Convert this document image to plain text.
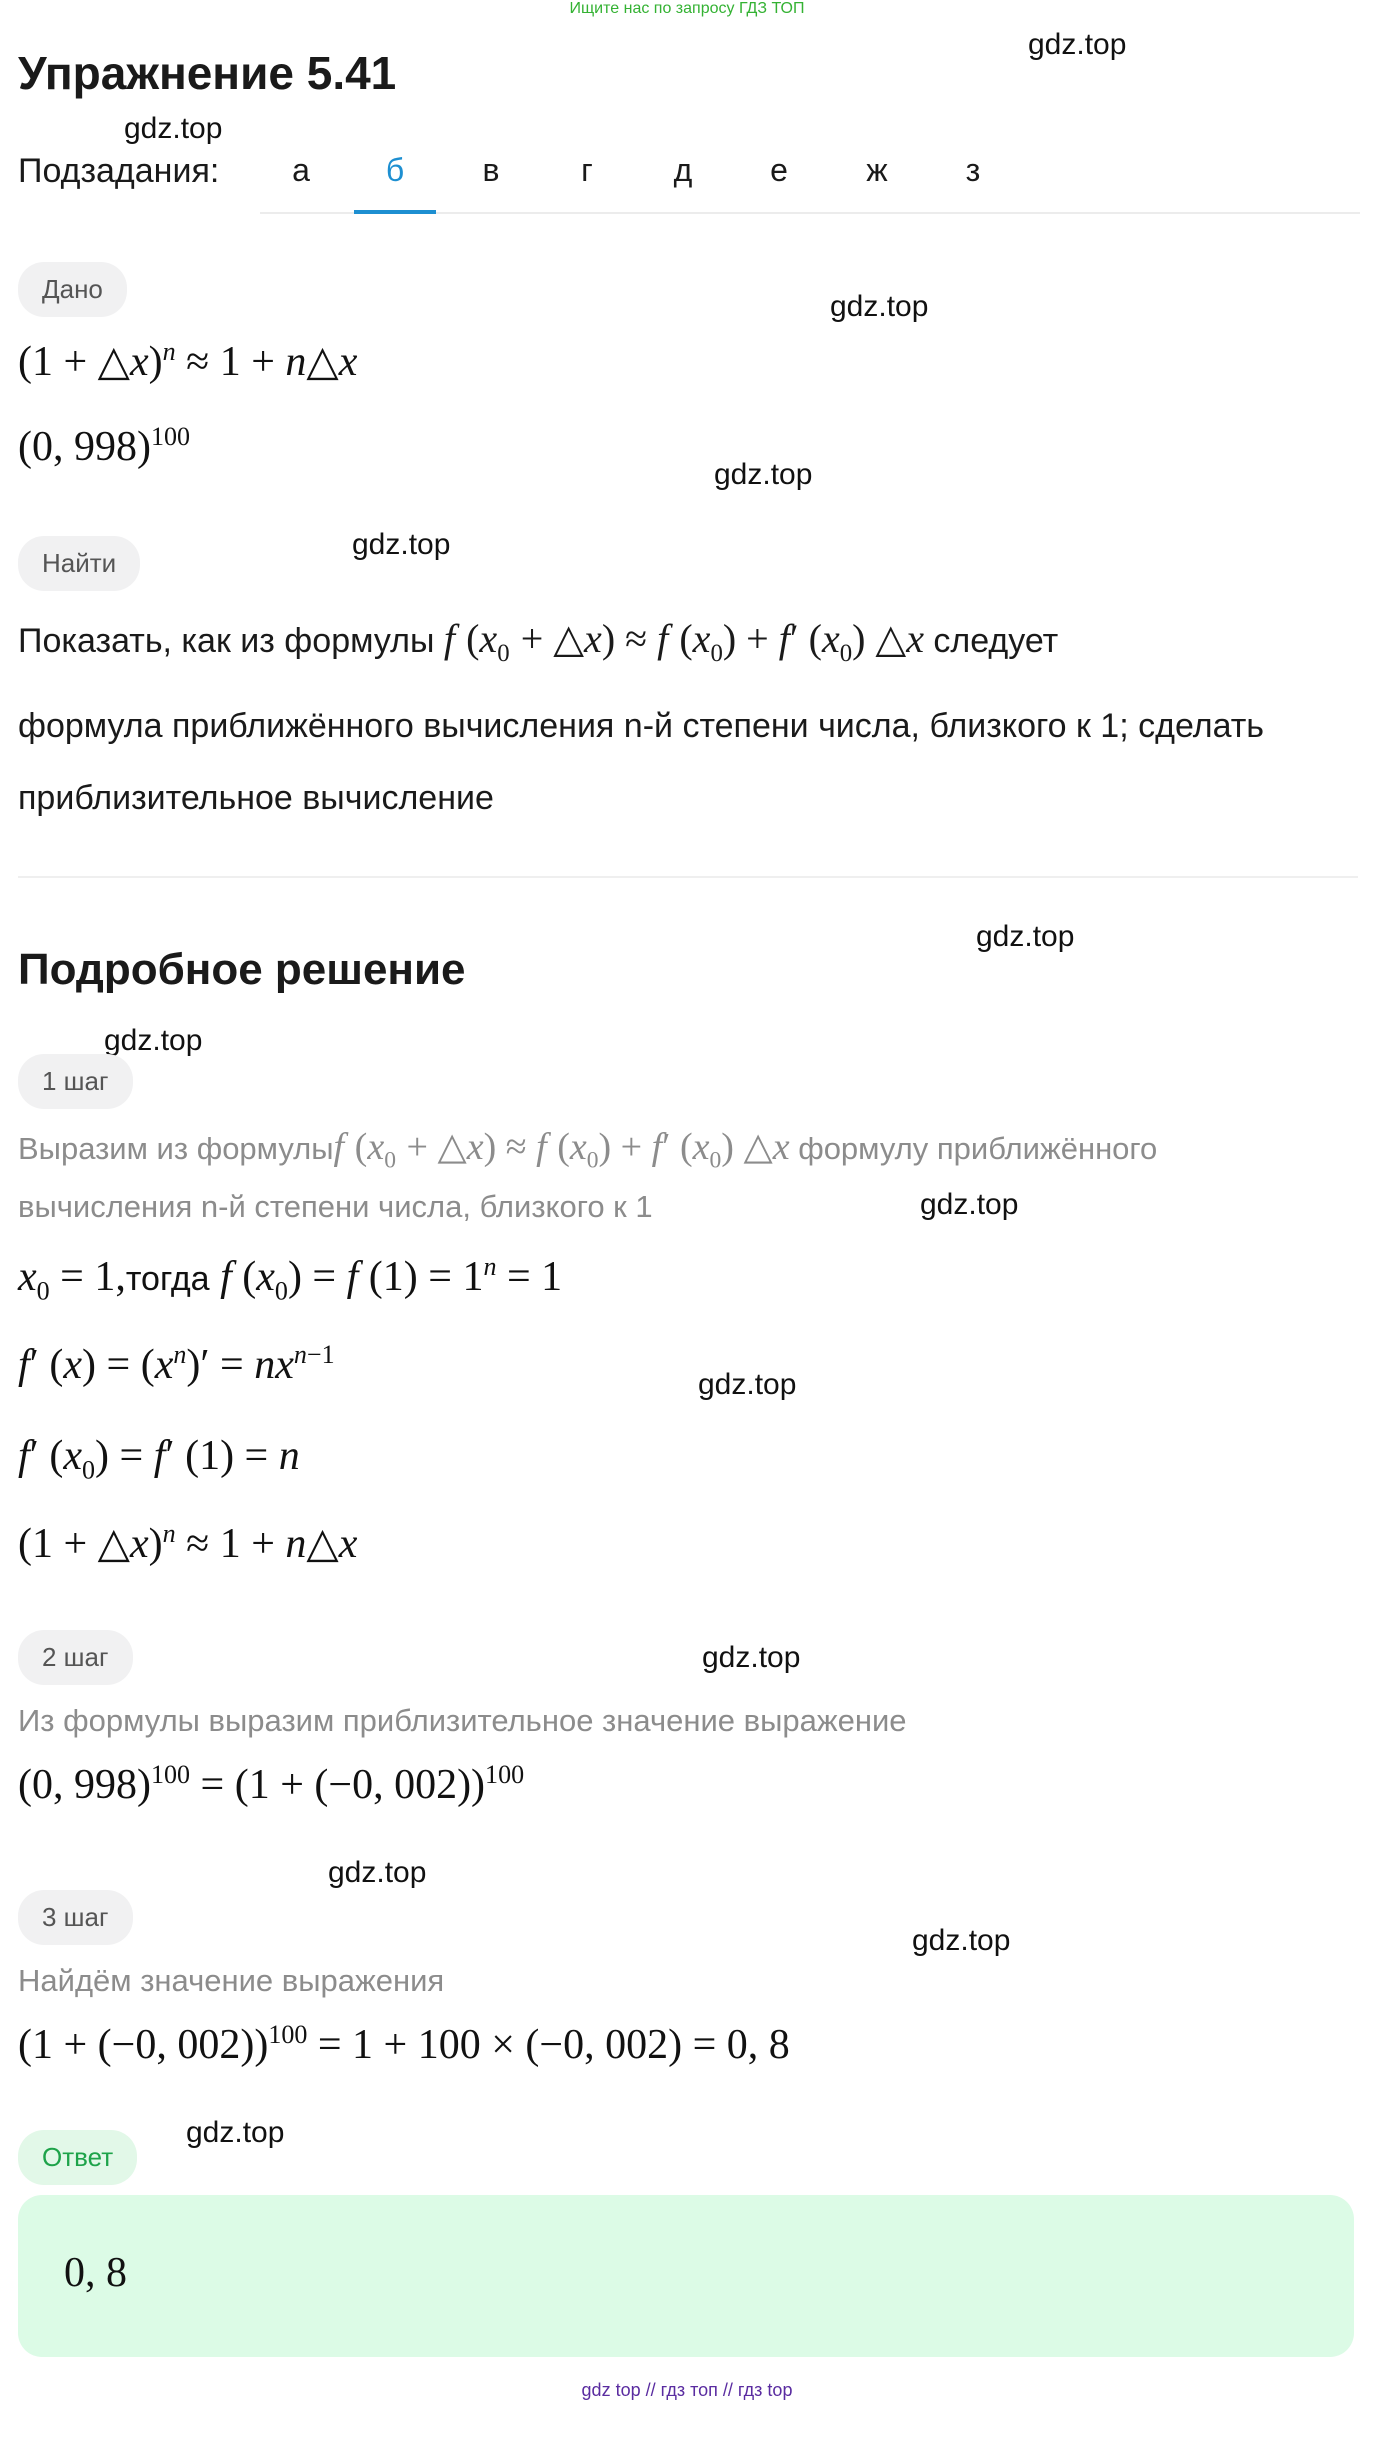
Ищите нас по запросу ГДЗ ТОП
gdz.top
gdz.top
gdz.top
gdz.top
gdz.top
gdz.top
gdz.top
gdz.top
gdz.top
gdz.top
gdz.top
gdz.top
gdz.top
Упражнение 5.41
Подзадания:	а	б	в	г	д	е	ж	з
Дано
(1 + △x)$^n$ ≈ 1 + n△x
(0, 998)$^{100}$
Найти
Показать, как из формулы f ($x_0$ + △x) ≈ f $(x_0) + f'$ $(x_0)$ △x следует
формула приближённого вычисления n-й степени числа, близкого к 1; сделать
приблизительное вычисление
Подробное решение
1 шаг
Выразим из формулыf ($x_0$ + △x) ≈ f $(x_0) + f'$ $(x_0)$ △x формулу приближённого
вычисления n-й степени числа, близкого к 1
$x_0$ = 1,тогда f $(x_0) = f$ $(1) = 1^n = 1$
f′ $(x) = (x^n)' = nx^{n-1}$
f′ $(x_0) = f'$ (1) = n
(1 + △x)$^n$ ≈ 1 + n△x
2 шаг
Из формулы выразим приблизительное значение выражение
(0, 998)$^{100}$ = (1 + (−0, 002))$^{100}$
3 шаг
Найдём значение выражения
(1 + (−0, 002))$^{100}$ = 1 + 100 × (−0, 002) = 0, 8
Ответ
0, 8
gdz top // гдз топ // гдз top
